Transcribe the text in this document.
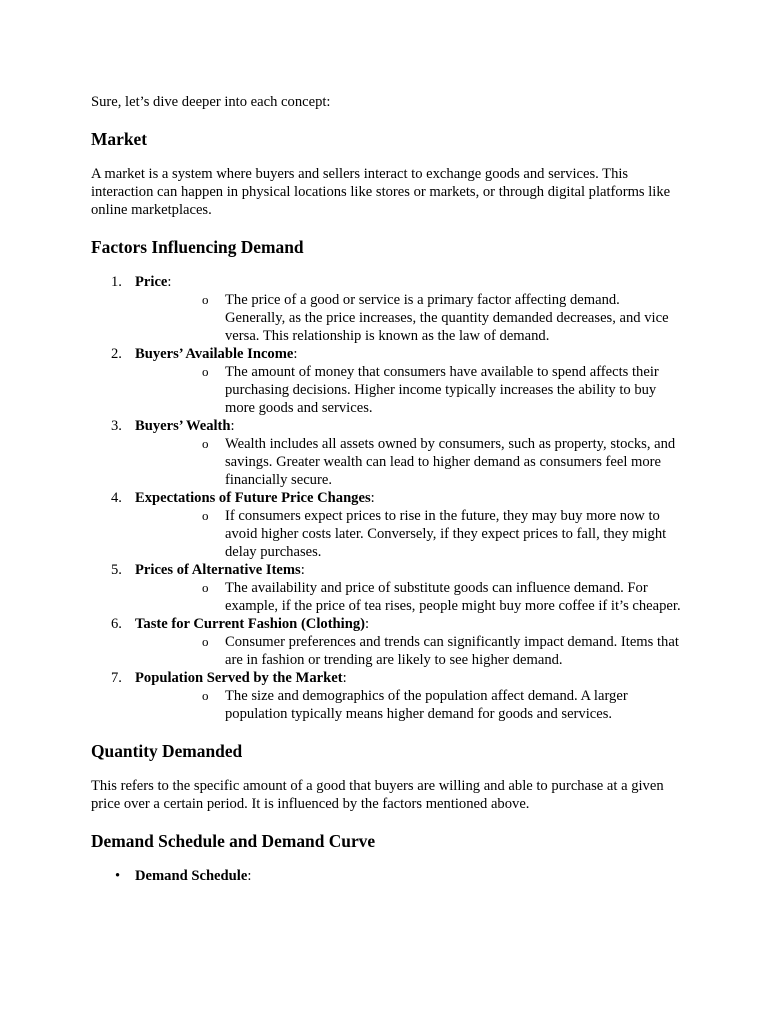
Sure, let’s dive deeper into each concept:

Market

A market is a system where buyers and sellers interact to exchange goods and services. This interaction can happen in physical locations like stores or markets, or through digital platforms like online marketplaces.

Factors Influencing Demand
1. Price:
o The price of a good or service is a primary factor affecting demand. Generally, as the price increases, the quantity demanded decreases, and vice versa. This relationship is known as the law of demand.
2. Buyers’ Available Income:
o The amount of money that consumers have available to spend affects their purchasing decisions. Higher income typically increases the ability to buy more goods and services.
3. Buyers’ Wealth:
o Wealth includes all assets owned by consumers, such as property, stocks, and savings. Greater wealth can lead to higher demand as consumers feel more financially secure.
4. Expectations of Future Price Changes:
o If consumers expect prices to rise in the future, they may buy more now to avoid higher costs later. Conversely, if they expect prices to fall, they might delay purchases.
5. Prices of Alternative Items:
o The availability and price of substitute goods can influence demand. For example, if the price of tea rises, people might buy more coffee if it’s cheaper.
6. Taste for Current Fashion (Clothing):
o Consumer preferences and trends can significantly impact demand. Items that are in fashion or trending are likely to see higher demand.
7. Population Served by the Market:
o The size and demographics of the population affect demand. A larger population typically means higher demand for goods and services.
Quantity Demanded

This refers to the specific amount of a good that buyers are willing and able to purchase at a given price over a certain period. It is influenced by the factors mentioned above.

Demand Schedule and Demand Curve
• Demand Schedule:
